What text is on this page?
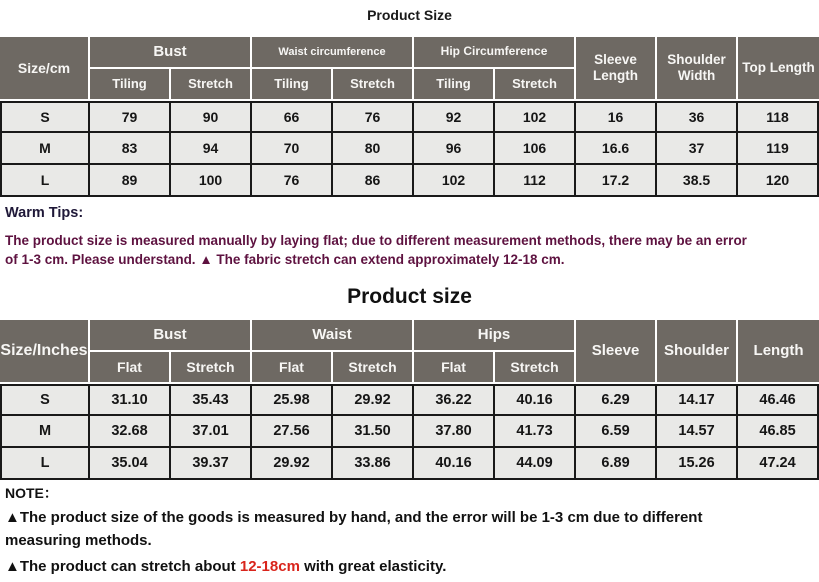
Product Size
Size/cm	Bust		Waist circumference		Hip Circumference		Sleeve Length	Shoulder Width	Top Length
	Tiling	Stretch	Tiling	Stretch	Tiling	Stretch			
S	79	90	66	76	92	102	16	36	118
M	83	94	70	80	96	106	16.6	37	119
L	89	100	76	86	102	112	17.2	38.5	120
Warm Tips:
The product size is measured manually by laying flat; due to different measurement methods, there may be an error of 1-3 cm. Please understand. ▲ The fabric stretch can extend approximately 12-18 cm.
Product size
Size/Inches	Bust		Waist		Hips		Sleeve	Shoulder	Length
	Flat	Stretch	Flat	Stretch	Flat	Stretch			
S	31.10	35.43	25.98	29.92	36.22	40.16	6.29	14.17	46.46
M	32.68	37.01	27.56	31.50	37.80	41.73	6.59	14.57	46.85
L	35.04	39.37	29.92	33.86	40.16	44.09	6.89	15.26	47.24
NOTE：
▲The product size of the goods is measured by hand, and the error will be 1-3 cm due to different measuring methods.
▲The product can stretch about 12-18cm with great elasticity.
